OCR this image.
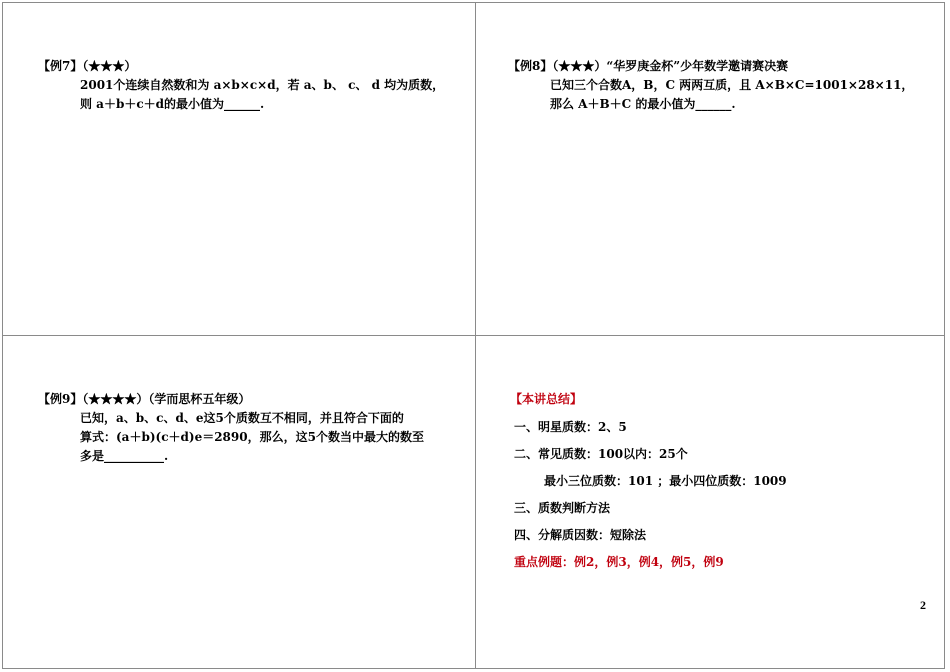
【例7】（★★★）
2001个连续自然数和为 a×b×c×d，若 a、b、 c、 d 均为质数，
则 a＋b＋c＋d的最小值为______.
【例8】（★★★）“华罗庚金杯”少年数学邀请赛决赛
已知三个合数A，B，C 两两互质，且 A×B×C=1001×28×11，
那么 A＋B＋C 的最小值为______.
【例9】（★★★★）（学而思杯五年级）
已知，a、b、c、d、e这5个质数互不相同，并且符合下面的
算式：(a＋b)(c＋d)e＝2890，那么，这5个数当中最大的数至
多是__________.
【本讲总结】
一、明星质数：2、5
二、常见质数：100以内：25个
最小三位质数：101 ；最小四位质数：1009
三、质数判断方法
四、分解质因数：短除法
重点例题：例2，例3，例4，例5，例9
2
